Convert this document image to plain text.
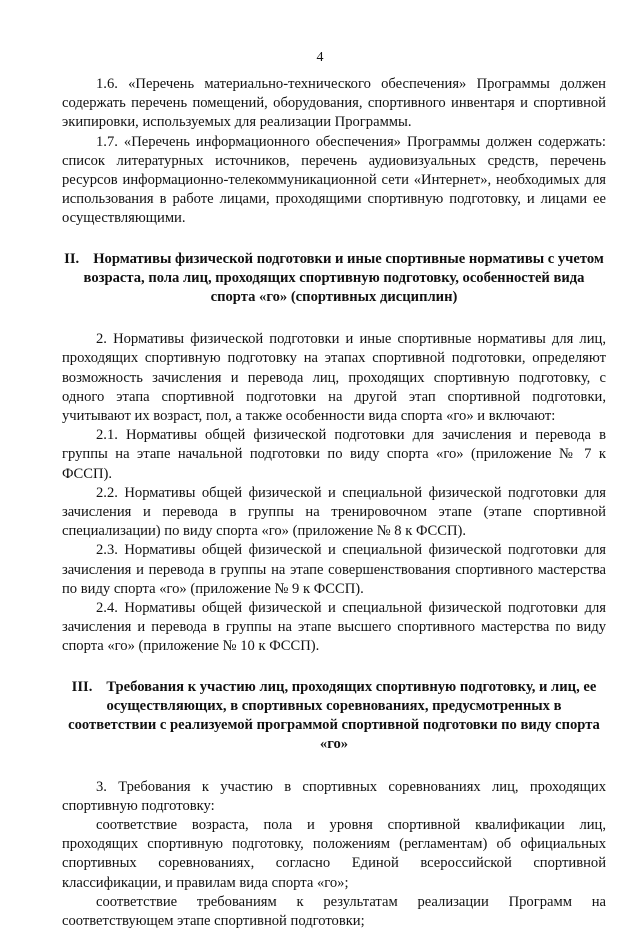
4

1.6. «Перечень материально-технического обеспечения» Программы должен содержать перечень помещений, оборудования, спортивного инвентаря и спортивной экипировки, используемых для реализации Программы.

1.7. «Перечень информационного обеспечения» Программы должен содержать: список литературных источников, перечень аудиовизуальных средств, перечень ресурсов информационно-телекоммуникационной сети «Интернет», необходимых для использования в работе лицами, проходящими спортивную подготовку, и лицами ее осуществляющими.

II. Нормативы физической подготовки и иные спортивные нормативы с учетом возраста, пола лиц, проходящих спортивную подготовку, особенностей вида спорта «го» (спортивных дисциплин)

2. Нормативы физической подготовки и иные спортивные нормативы для лиц, проходящих спортивную подготовку на этапах спортивной подготовки, определяют возможность зачисления и перевода лиц, проходящих спортивную подготовку, с одного этапа спортивной подготовки на другой этап спортивной подготовки, учитывают их возраст, пол, а также особенности вида спорта «го» и включают:

2.1. Нормативы общей физической подготовки для зачисления и перевода в группы на этапе начальной подготовки по виду спорта «го» (приложение № 7 к ФССП).

2.2. Нормативы общей физической и специальной физической подготовки для зачисления и перевода в группы на тренировочном этапе (этапе спортивной специализации) по виду спорта «го» (приложение № 8 к ФССП).

2.3. Нормативы общей физической и специальной физической подготовки для зачисления и перевода в группы на этапе совершенствования спортивного мастерства по виду спорта «го» (приложение № 9 к ФССП).

2.4. Нормативы общей физической и специальной физической подготовки для зачисления и перевода в группы на этапе высшего спортивного мастерства по виду спорта «го» (приложение № 10 к ФССП).

III. Требования к участию лиц, проходящих спортивную подготовку, и лиц, ее осуществляющих, в спортивных соревнованиях, предусмотренных в соответствии с реализуемой программой спортивной подготовки по виду спорта «го»

3. Требования к участию в спортивных соревнованиях лиц, проходящих спортивную подготовку:

соответствие возраста, пола и уровня спортивной квалификации лиц, проходящих спортивную подготовку, положениям (регламентам) об официальных спортивных соревнованиях, согласно Единой всероссийской спортивной классификации, и правилам вида спорта «го»;

соответствие требованиям к результатам реализации Программ на соответствующем этапе спортивной подготовки;
